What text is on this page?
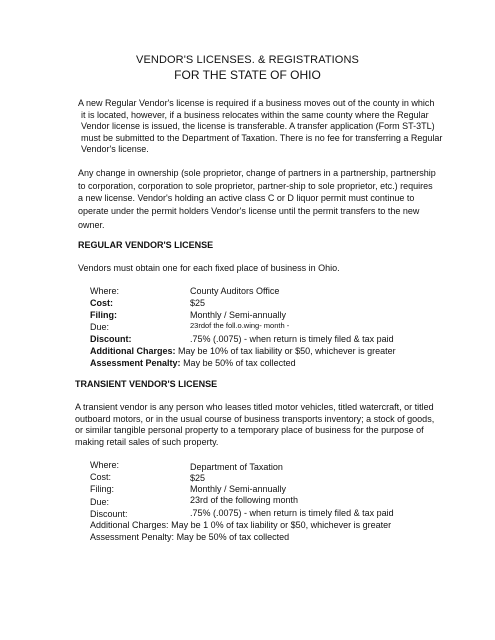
VENDOR'S LICENSES. & REGISTRATIONS
FOR THE STATE OF OHIO
A new Regular Vendor's license is required if a business moves out of the county in which
it is located, however, if a business relocates within the same county where the Regular
Vendor license is issued, the license is transferable. A transfer application (Form ST-3TL)
must be submitted to the Department of Taxation. There is no fee for transferring a Regular
Vendor's license.
Any change in ownership (sole proprietor, change of partners in a partnership, partnership
to corporation, corporation to sole proprietor, partner-ship to sole proprietor, etc.) requires
a new license. Vendor's holding an active class C or D liquor permit must continue to
operate under the permit holders Vendor's license until the permit transfers to the new
owner.
REGULAR VENDOR'S LICENSE
Vendors must obtain one for each fixed place of business in Ohio.
Where:	County Auditors Office
Cost:	$25
Filing:	Monthly / Semi-annually
Due:	23rdof the foll.o.wing- month -
Discount:	.75% (.0075) - when return is timely filed & tax paid
Additional Charges: May be 10% of tax liability or $50, whichever is greater
Assessment Penalty: May be 50% of tax collected
TRANSIENT VENDOR'S LICENSE
A transient vendor is any person who leases titled motor vehicles, titled watercraft, or titled
outboard motors, or in the usual course of business transports inventory; a stock of goods,
or similar tangible personal property to a temporary place of business for the purpose of
making retail sales of such property.
Where:	Department of Taxation
Cost:	$25
Filing:	Monthly / Semi-annually
Due:	23rd of the following month
Discount:	.75% (.0075) - when return is timely filed & tax paid
Additional Charges: May be 1 0% of tax liability or $50, whichever is greater
Assessment Penalty: May be 50% of tax collected
